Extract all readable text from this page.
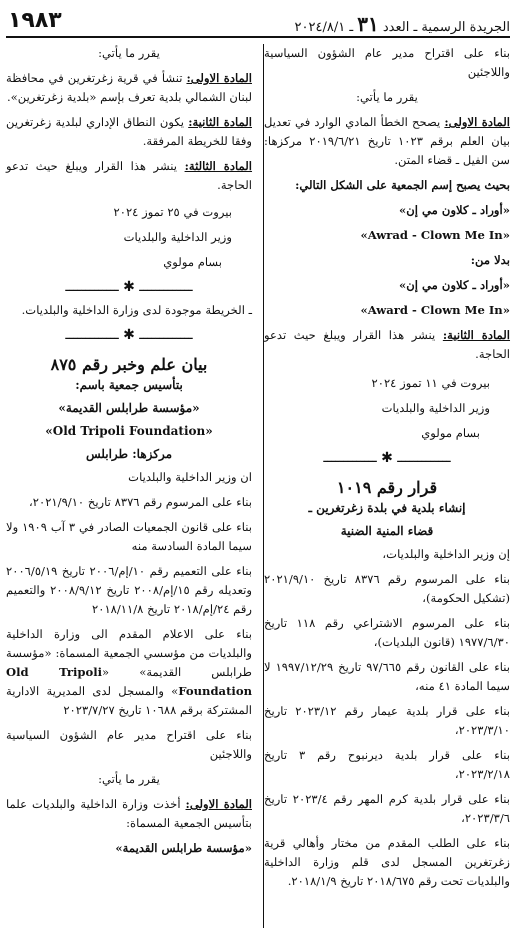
الجريدة الرسمية ـ العدد ٣١ ـ ٢٠٢٤/٨/١
١٩٨٣

بناء على اقتراح مدير عام الشؤون السياسية واللاجئين

يقرر ما يأتي:

المادة الاولى: يصحح الخطأ المادي الوارد في تعديل بيان العلم برقم ١٠٢٣ تاريخ ٢٠١٩/٦/٢١ مركزها: سن الفيل ـ قضاء المتن.

بحيث يصبح إسم الجمعية على الشكل التالي:

«أوراد ـ كلاون مي إن»

«Awrad - Clown Me In»

بدلا من:

«أوراد ـ كلاون مي إن»

«Award - Clown Me In»

المادة الثانية: ينشر هذا القرار ويبلغ حيث تدعو الحاجة.

بيروت في ١١ تموز ٢٠٢٤

وزير الداخلية والبلديات

بسام مولوي

ـــــــــــــ ✱ ـــــــــــــ

قرار رقم ١٠١٩

إنشاء بلدية في بلدة زغرتغرين ـ

قضاء المنية الضنية

إن وزير الداخلية والبلديات،

بناء على المرسوم رقم ٨٣٧٦ تاريخ ٢٠٢١/٩/١٠ (تشكيل الحكومة)،

بناء على المرسوم الاشتراعي رقم ١١٨ تاريخ ١٩٧٧/٦/٣٠ (قانون البلديات)،

بناء على القانون رقم ٩٧/٦٦٥ تاريخ ١٩٩٧/١٢/٢٩ لا سيما المادة ٤١ منه،

بناء على قرار بلدية عيمار رقم ٢٠٢٣/١٢ تاريخ ٢٠٢٣/٣/١٠،

بناء على قرار بلدية ديرنبوح رقم ٣ تاريخ ٢٠٢٣/٢/١٨،

بناء على قرار بلدية كرم المهر رقم ٢٠٢٣/٤ تاريخ ٢٠٢٣/٣/٦،

بناء على الطلب المقدم من مختار وأهالي قرية زغرتغرين المسجل لدى قلم وزارة الداخلية والبلديات تحت رقم ٢٠١٨/٦٧٥ تاريخ ٢٠١٨/١/٩.

يقرر ما يأتي:

المادة الاولى: تنشأ في قرية زغرتغرين في محافظة لبنان الشمالي بلدية تعرف بإسم «بلدية زغرتغرين».

المادة الثانية: يكون النطاق الإداري لبلدية زغرتغرين وفقا للخريطة المرفقة.

المادة الثالثة: ينشر هذا القرار ويبلغ حيث تدعو الحاجة.

بيروت في ٢٥ تموز ٢٠٢٤

وزير الداخلية والبلديات

بسام مولوي

ـــــــــــــ ✱ ـــــــــــــ

ـ الخريطة موجودة لدى وزارة الداخلية والبلديات.

ـــــــــــــ ✱ ـــــــــــــ

بيان علم وخبر رقم ٨٧٥

بتأسيس جمعية باسم:

«مؤسسة طرابلس القديمة»

«Old Tripoli Foundation»

مركزها: طرابلس

ان وزير الداخلية والبلديات

بناء على المرسوم رقم ٨٣٧٦ تاريخ ٢٠٢١/٩/١٠،

بناء على قانون الجمعيات الصادر في ٣ آب ١٩٠٩ ولا سيما المادة السادسة منه

بناء على التعميم رقم ١٠/إم/٢٠٠٦ تاريخ ٢٠٠٦/٥/١٩ وتعديله رقم ١٥/إم/٢٠٠٨ تاريخ ٢٠٠٨/٩/١٢ والتعميم رقم ٢٤/إم/٢٠١٨ تاريخ ٢٠١٨/١١/٨

بناء على الاعلام المقدم الى وزارة الداخلية والبلديات من مؤسسي الجمعية المسماة: «مؤسسة طرابلس القديمة» «Old Tripoli Foundation» والمسجل لدى المديرية الادارية المشتركة برقم ١٠٦٨٨ تاريخ ٢٠٢٣/٧/٢٧

بناء على اقتراح مدير عام الشؤون السياسية واللاجئين

يقرر ما يأتي:

المادة الاولى: أخذت وزارة الداخلية والبلديات علما بتأسيس الجمعية المسماة:

«مؤسسة طرابلس القديمة»
